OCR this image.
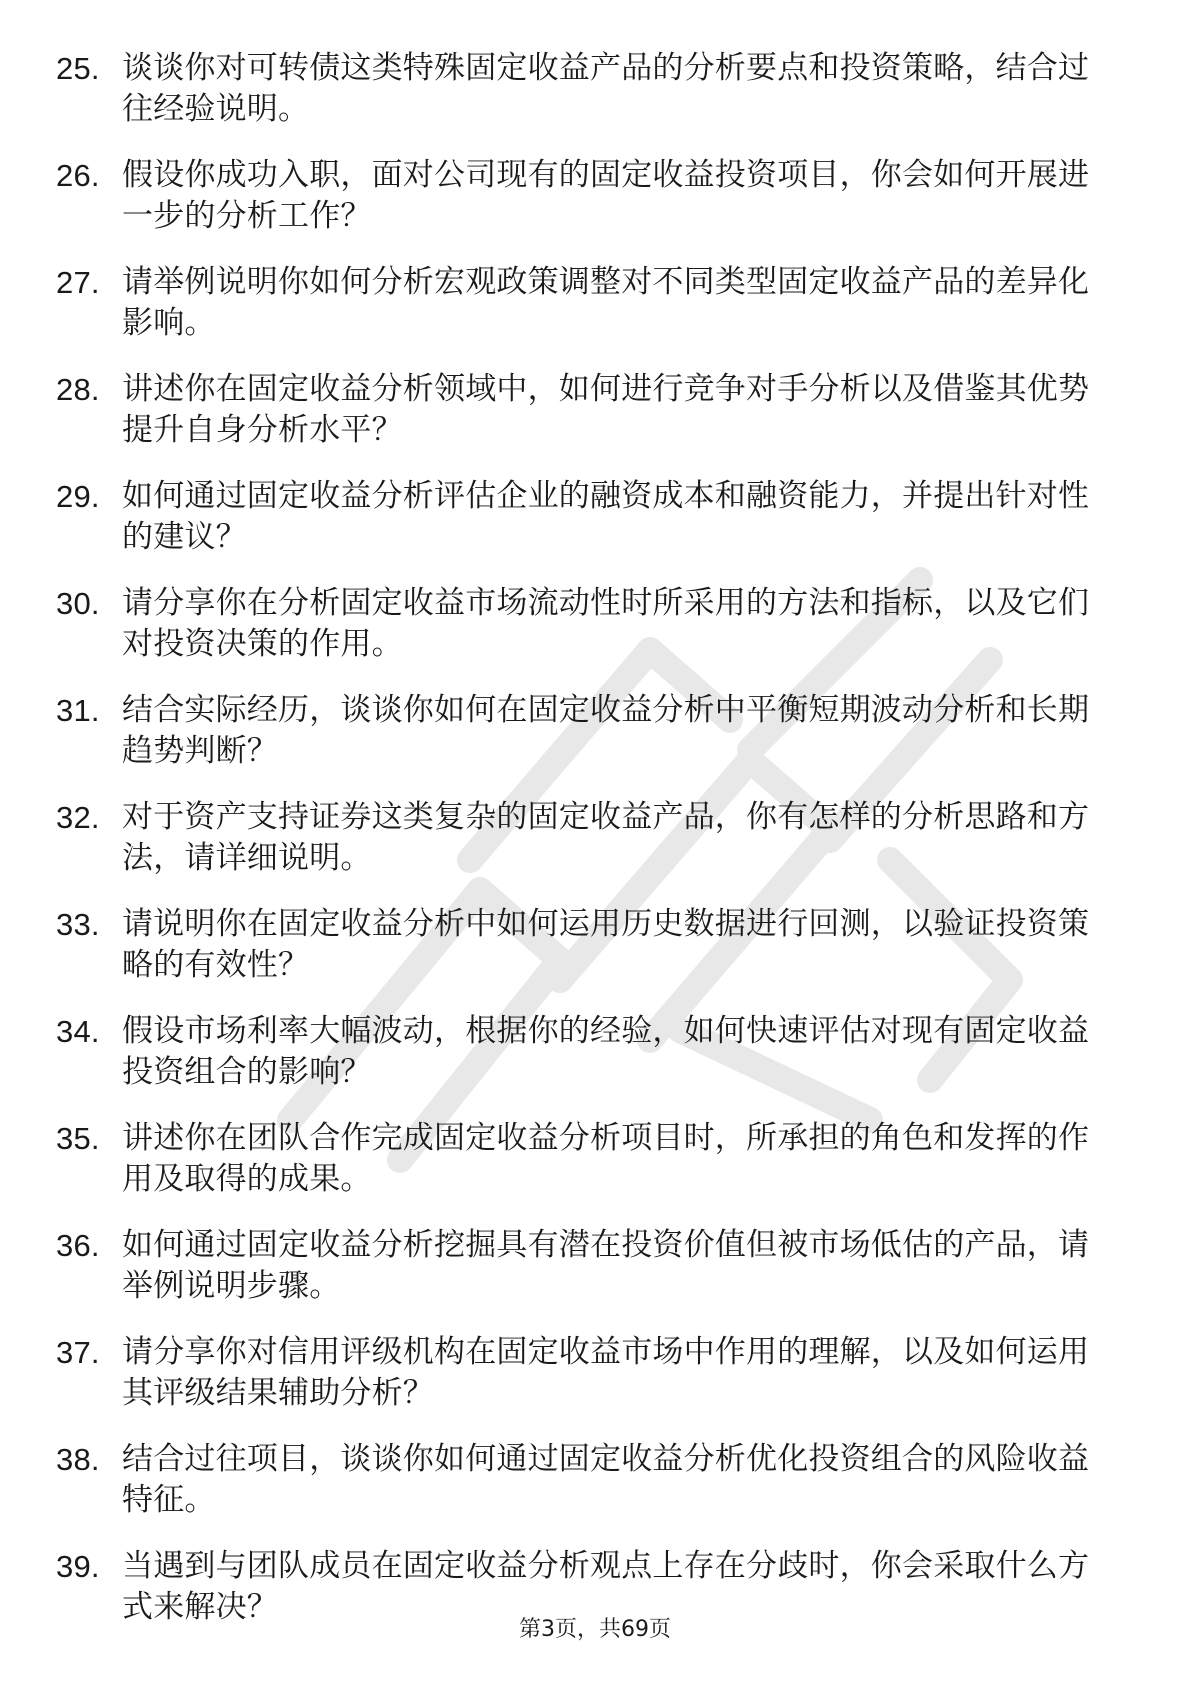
25. 谈谈你对可转债这类特殊固定收益产品的分析要点和投资策略，结合过往经验说明。
26. 假设你成功入职，面对公司现有的固定收益投资项目，你会如何开展进一步的分析工作？
27. 请举例说明你如何分析宏观政策调整对不同类型固定收益产品的差异化影响。
28. 讲述你在固定收益分析领域中，如何进行竞争对手分析以及借鉴其优势提升自身分析水平？
29. 如何通过固定收益分析评估企业的融资成本和融资能力，并提出针对性的建议？
30. 请分享你在分析固定收益市场流动性时所采用的方法和指标，以及它们对投资决策的作用。
31. 结合实际经历，谈谈你如何在固定收益分析中平衡短期波动分析和长期趋势判断？
32. 对于资产支持证券这类复杂的固定收益产品，你有怎样的分析思路和方法，请详细说明。
33. 请说明你在固定收益分析中如何运用历史数据进行回测，以验证投资策略的有效性？
34. 假设市场利率大幅波动，根据你的经验，如何快速评估对现有固定收益投资组合的影响？
35. 讲述你在团队合作完成固定收益分析项目时，所承担的角色和发挥的作用及取得的成果。
36. 如何通过固定收益分析挖掘具有潜在投资价值但被市场低估的产品，请举例说明步骤。
37. 请分享你对信用评级机构在固定收益市场中作用的理解，以及如何运用其评级结果辅助分析？
38. 结合过往项目，谈谈你如何通过固定收益分析优化投资组合的风险收益特征。
39. 当遇到与团队成员在固定收益分析观点上存在分歧时，你会采取什么方式来解决？
第3页，共69页
